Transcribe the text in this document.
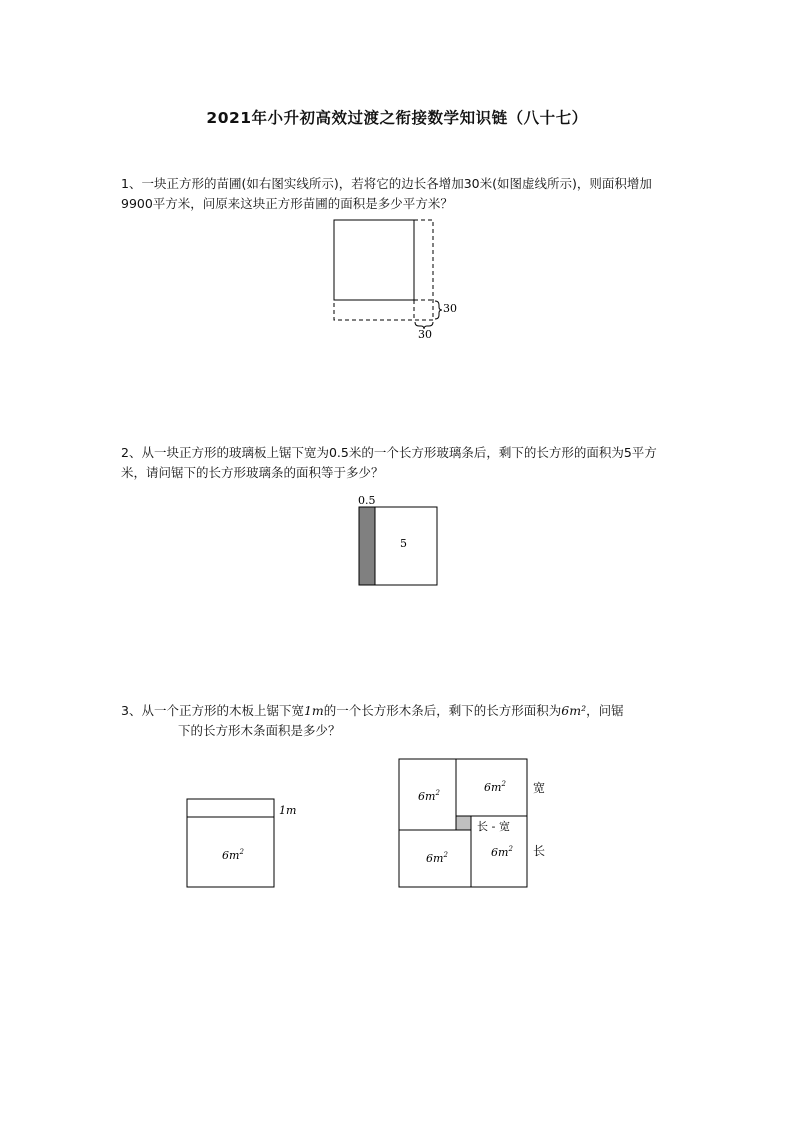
2021年小升初高效过渡之衔接数学知识链（八十七）
1、一块正方形的苗圃(如右图实线所示)，若将它的边长各增加30米(如图虚线所示)，则面积增加9900平方米，问原来这块正方形苗圃的面积是多少平方米？
30
30
2、从一块正方形的玻璃板上锯下宽为0.5米的一个长方形玻璃条后，剩下的长方形的面积为5平方米，请问锯下的长方形玻璃条的面积等于多少？
0.5
5
3、从一个正方形的木板上锯下宽1m的一个长方形木条后，剩下的长方形面积为6m²，问锯
下的长方形木条面积是多少？
1m
$6m^2$
$6m^2$	$6m^2$
$6m^2$	$6m^2$
长 - 宽
宽
长
